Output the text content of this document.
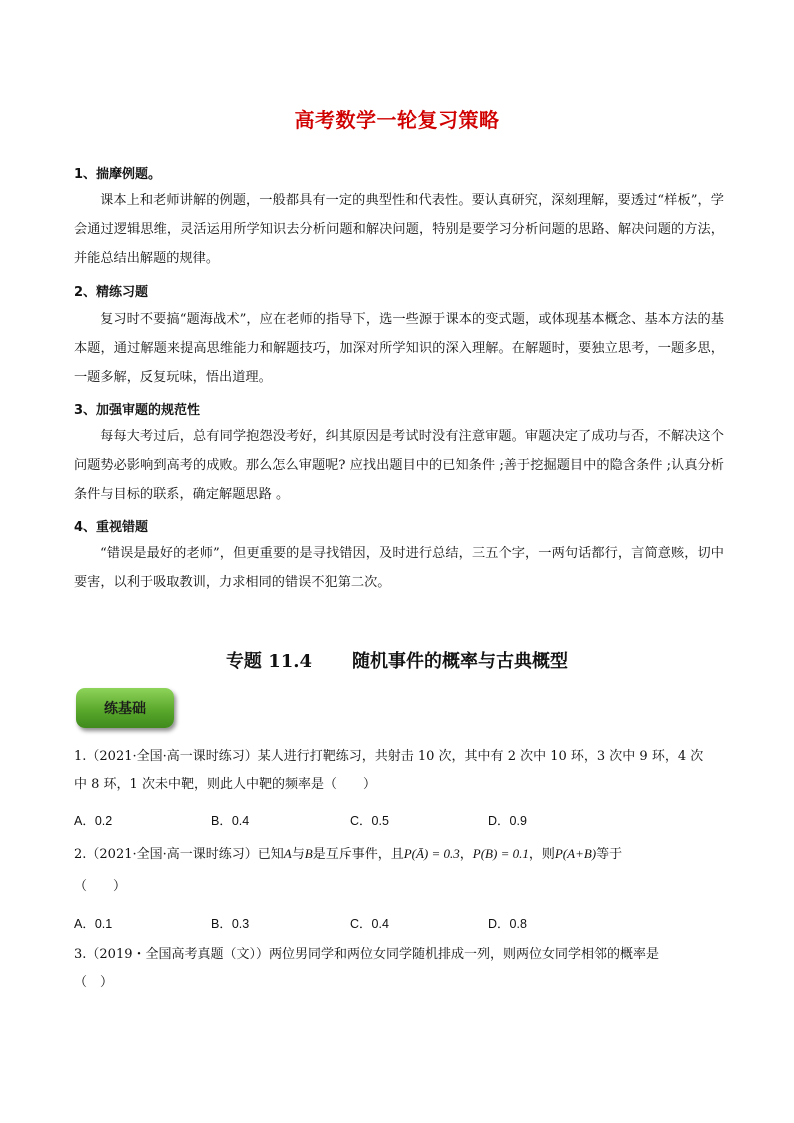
高考数学一轮复习策略
1、揣摩例题。
课本上和老师讲解的例题，一般都具有一定的典型性和代表性。要认真研究，深刻理解，要透过“样板”，学会通过逻辑思维，灵活运用所学知识去分析问题和解决问题，特别是要学习分析问题的思路、解决问题的方法，并能总结出解题的规律。
2、精练习题
复习时不要搞“题海战术”，应在老师的指导下，选一些源于课本的变式题，或体现基本概念、基本方法的基本题，通过解题来提高思维能力和解题技巧，加深对所学知识的深入理解。在解题时，要独立思考，一题多思，一题多解，反复玩味，悟出道理。
3、加强审题的规范性
每每大考过后，总有同学抱怨没考好，纠其原因是考试时没有注意审题。审题决定了成功与否，不解决这个问题势必影响到高考的成败。那么怎么审题呢? 应找出题目中的已知条件 ;善于挖掘题目中的隐含条件 ;认真分析条件与目标的联系，确定解题思路 。
4、重视错题
“错误是最好的老师”，但更重要的是寻找错因，及时进行总结，三五个字，一两句话都行，言简意赅，切中要害，以利于吸取教训，力求相同的错误不犯第二次。
专题 11.4 随机事件的概率与古典概型
练基础
1.（2021·全国·高一课时练习）某人进行打靶练习，共射击 10 次，其中有 2 次中 10 环，3 次中 9 环，4 次
中 8 环，1 次未中靶，则此人中靶的频率是（　　）
A．0.2	B．0.4	C．0.5	D．0.9
2.（2021·全国·高一课时练习）已知A与B是互斥事件，且P(Ā) = 0.3，P(B) = 0.1，则P(A+B)等于
（　　）
A．0.1	B．0.3	C．0.4	D．0.8
3.（2019・全国高考真题（文））两位男同学和两位女同学随机排成一列，则两位女同学相邻的概率是
（　）
